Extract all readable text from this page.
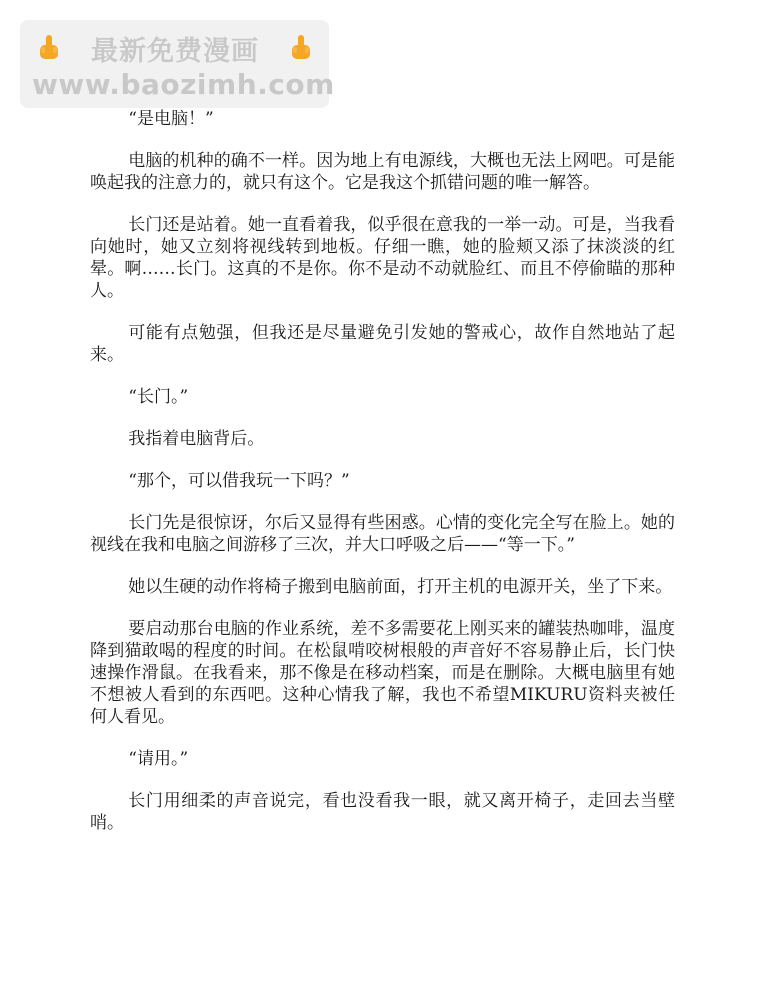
最新免费漫画
www.baozimh.com

“是电脑！”

电脑的机种的确不一样。因为地上有电源线，大概也无法上网吧。可是能唤起我的注意力的，就只有这个。它是我这个抓错问题的唯一解答。

长门还是站着。她一直看着我，似乎很在意我的一举一动。可是，当我看向她时，她又立刻将视线转到地板。仔细一瞧，她的脸颊又添了抹淡淡的红晕。啊……长门。这真的不是你。你不是动不动就脸红、而且不停偷瞄的那种人。

可能有点勉强，但我还是尽量避免引发她的警戒心，故作自然地站了起来。

“长门。”

我指着电脑背后。

“那个，可以借我玩一下吗？”

长门先是很惊讶，尔后又显得有些困惑。心情的变化完全写在脸上。她的视线在我和电脑之间游移了三次，并大口呼吸之后——“等一下。”

她以生硬的动作将椅子搬到电脑前面，打开主机的电源开关，坐了下来。

要启动那台电脑的作业系统，差不多需要花上刚买来的罐装热咖啡，温度降到猫敢喝的程度的时间。在松鼠啃咬树根般的声音好不容易静止后，长门快速操作滑鼠。在我看来，那不像是在移动档案，而是在删除。大概电脑里有她不想被人看到的东西吧。这种心情我了解，我也不希望MIKURU资料夹被任何人看见。

“请用。”

长门用细柔的声音说完，看也没看我一眼，就又离开椅子，走回去当壁哨。
